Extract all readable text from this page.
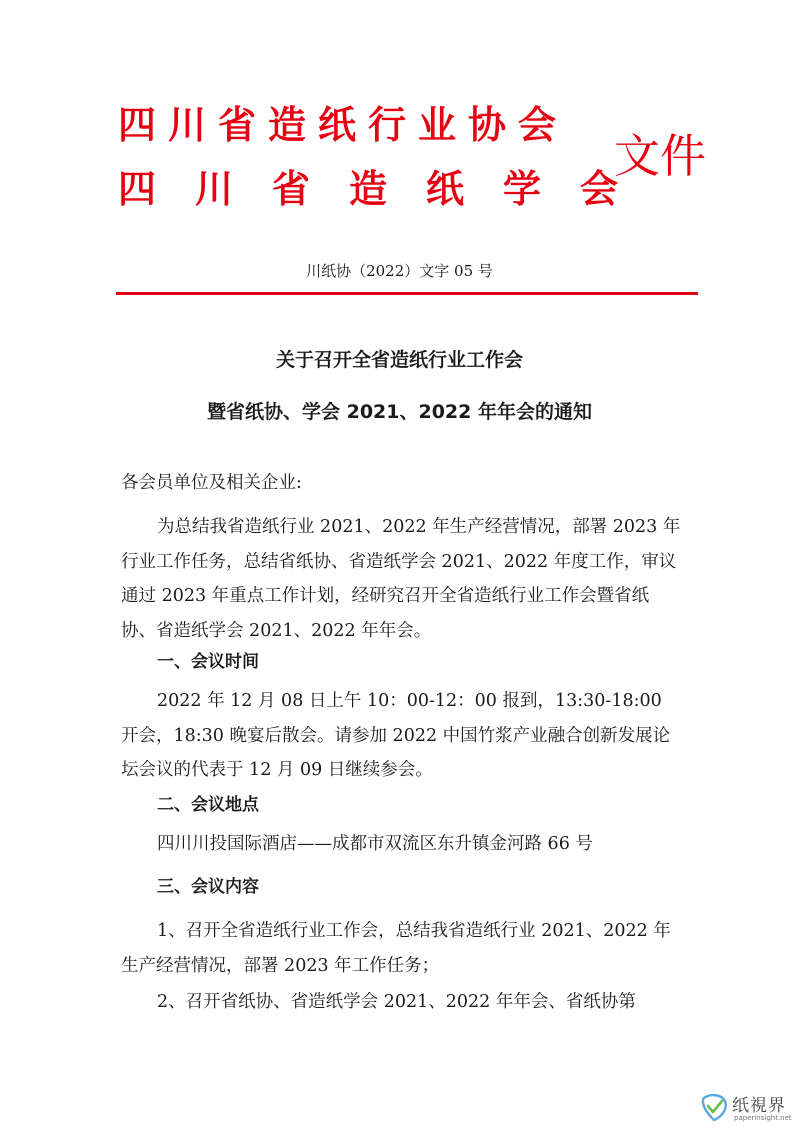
四川省造纸行业协会
四川省造纸学会
文件
川纸协（2022）文字 05 号
关于召开全省造纸行业工作会
暨省纸协、学会 2021、2022 年年会的通知
各会员单位及相关企业:
为总结我省造纸行业 2021、2022 年生产经营情况，部署 2023 年行业工作任务，总结省纸协、省造纸学会 2021、2022 年度工作，审议通过 2023 年重点工作计划，经研究召开全省造纸行业工作会暨省纸协、省造纸学会 2021、2022 年年会。
一、会议时间
2022 年 12 月 08 日上午 10：00-12：00 报到，13:30-18:00 开会，18:30 晚宴后散会。请参加 2022 中国竹浆产业融合创新发展论坛会议的代表于 12 月 09 日继续参会。
二、会议地点
四川川投国际酒店——成都市双流区东升镇金河路 66 号
三、会议内容
1、召开全省造纸行业工作会，总结我省造纸行业 2021、2022 年生产经营情况，部署 2023 年工作任务；
2、召开省纸协、省造纸学会 2021、2022 年年会、省纸协第
纸視界
paperinsight.net
